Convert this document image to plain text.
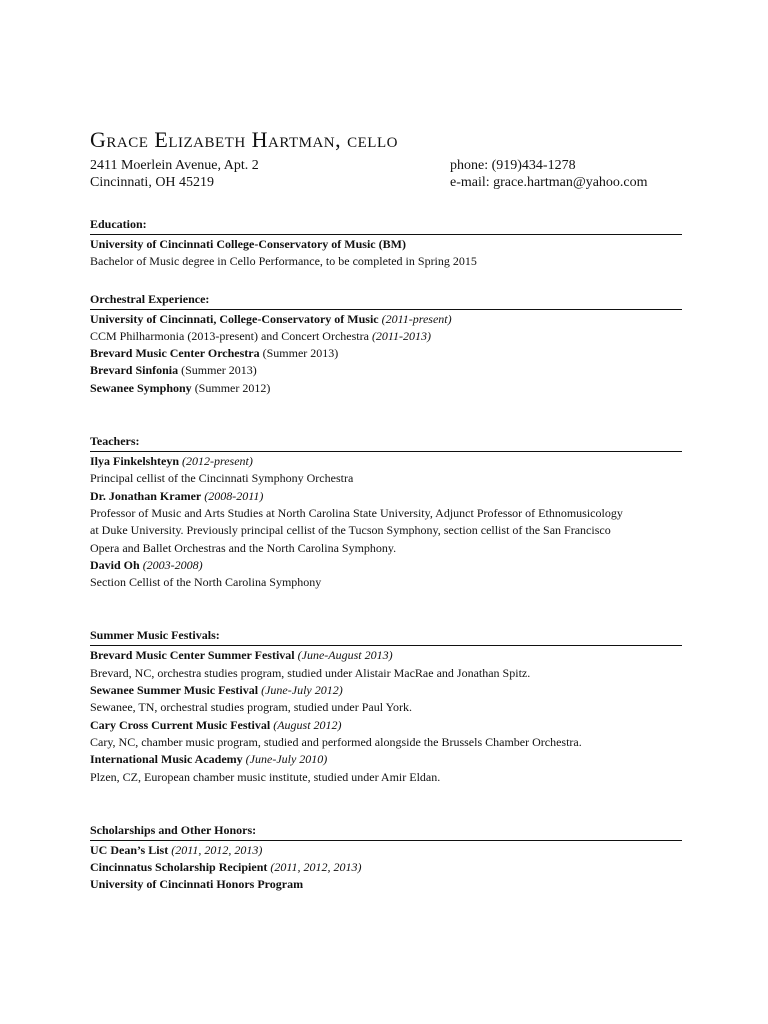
Grace Elizabeth Hartman, cello
2411 Moerlein Avenue, Apt. 2
Cincinnati, OH 45219
phone: (919)434-1278
e-mail: grace.hartman@yahoo.com
Education:
University of Cincinnati College-Conservatory of Music (BM)
Bachelor of Music degree in Cello Performance, to be completed in Spring 2015
Orchestral Experience:
University of Cincinnati, College-Conservatory of Music (2011-present)
CCM Philharmonia (2013-present) and Concert Orchestra (2011-2013)
Brevard Music Center Orchestra (Summer 2013)
Brevard Sinfonia (Summer 2013)
Sewanee Symphony (Summer 2012)
Teachers:
Ilya Finkelshteyn (2012-present)
Principal cellist of the Cincinnati Symphony Orchestra
Dr. Jonathan Kramer (2008-2011)
Professor of Music and Arts Studies at North Carolina State University, Adjunct Professor of Ethnomusicology
at Duke University. Previously principal cellist of the Tucson Symphony, section cellist of the San Francisco
Opera and Ballet Orchestras and the North Carolina Symphony.
David Oh (2003-2008)
Section Cellist of the North Carolina Symphony
Summer Music Festivals:
Brevard Music Center Summer Festival (June-August 2013)
Brevard, NC, orchestra studies program, studied under Alistair MacRae and Jonathan Spitz.
Sewanee Summer Music Festival (June-July 2012)
Sewanee, TN, orchestral studies program, studied under Paul York.
Cary Cross Current Music Festival (August 2012)
Cary, NC, chamber music program, studied and performed alongside the Brussels Chamber Orchestra.
International Music Academy (June-July 2010)
Plzen, CZ, European chamber music institute, studied under Amir Eldan.
Scholarships and Other Honors:
UC Dean’s List (2011, 2012, 2013)
Cincinnatus Scholarship Recipient (2011, 2012, 2013)
University of Cincinnati Honors Program
